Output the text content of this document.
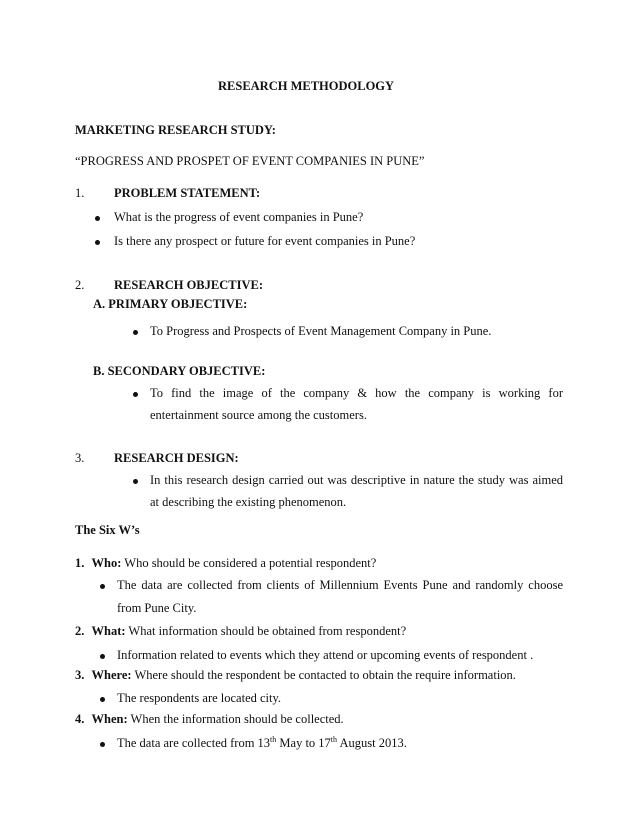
RESEARCH METHODOLOGY
MARKETING RESEARCH STUDY:
“PROGRESS AND PROSPET OF EVENT COMPANIES IN PUNE”
1. PROBLEM STATEMENT:
What is the progress of event companies in Pune?
Is there any prospect or future for event companies in Pune?
2. RESEARCH OBJECTIVE:
A. PRIMARY OBJECTIVE:
To Progress and Prospects of Event Management Company in Pune.
B. SECONDARY OBJECTIVE:
To find the image of the company & how the company is working for
entertainment source among the customers.
3. RESEARCH DESIGN:
In this research design carried out was descriptive in nature the study was aimed
at describing the existing phenomenon.
The Six W’s
1. Who: Who should be considered a potential respondent?
The data are collected from clients of Millennium Events Pune and randomly choose
from Pune City.
2. What: What information should be obtained from respondent?
Information related to events which they attend or upcoming events of respondent .
3. Where: Where should the respondent be contacted to obtain the require information.
The respondents are located city.
4. When: When the information should be collected.
The data are collected from 13th May to 17th August 2013.
